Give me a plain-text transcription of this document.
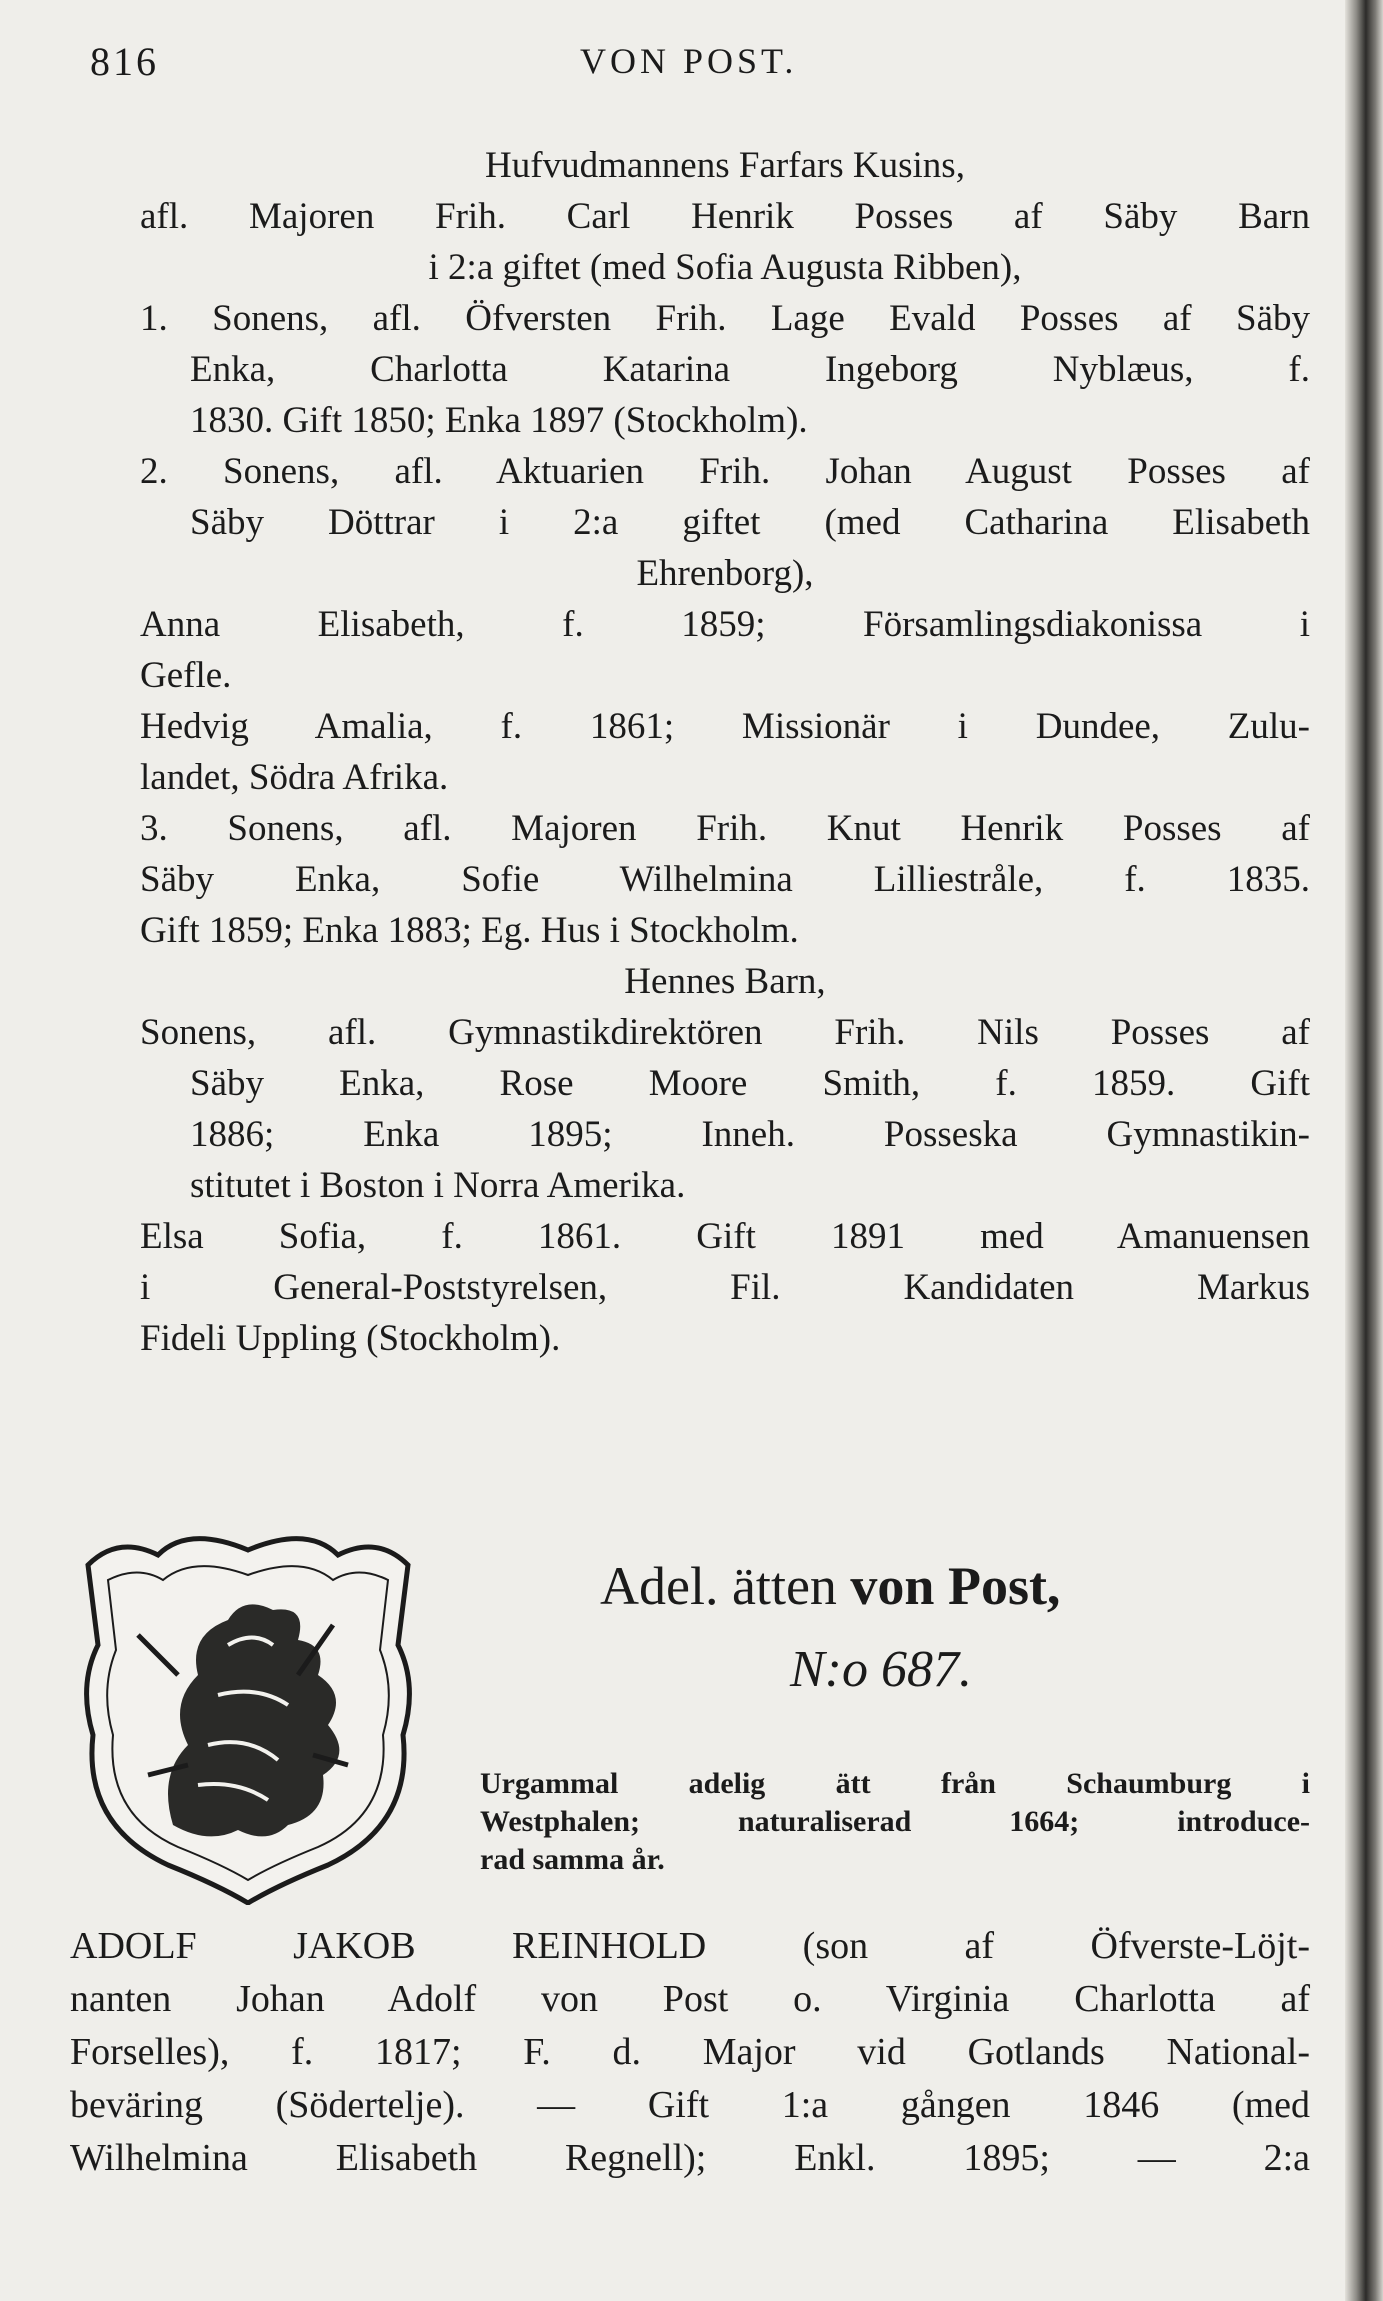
816	VON POST.
Hufvudmannens Farfars Kusins,
afl. Majoren Frih. Carl Henrik Posses af Säby Barn
i 2:a giftet (med Sofia Augusta Ribben),
1. Sonens, afl. Öfversten Frih. Lage Evald Posses af Säby
Enka, Charlotta Katarina Ingeborg Nyblæus, f.
1830. Gift 1850; Enka 1897 (Stockholm).
2. Sonens, afl. Aktuarien Frih. Johan August Posses af
Säby Döttrar i 2:a giftet (med Catharina Elisabeth
Ehrenborg),
Anna Elisabeth, f. 1859; Församlingsdiakonissa i
Gefle.
Hedvig Amalia, f. 1861; Missionär i Dundee, Zulu-
landet, Södra Afrika.
3. Sonens, afl. Majoren Frih. Knut Henrik Posses af
Säby Enka, Sofie Wilhelmina Lilliestråle, f. 1835.
Gift 1859; Enka 1883; Eg. Hus i Stockholm.
Hennes Barn,
Sonens, afl. Gymnastikdirektören Frih. Nils Posses af
Säby Enka, Rose Moore Smith, f. 1859. Gift
1886; Enka 1895; Inneh. Posseska Gymnastikin-
stitutet i Boston i Norra Amerika.
Elsa Sofia, f. 1861. Gift 1891 med Amanuensen
i General-Poststyrelsen, Fil. Kandidaten Markus
Fideli Uppling (Stockholm).
Adel. ätten von Post,
N:o 687.
Urgammal adelig ätt från Schaumburg i
Westphalen; naturaliserad 1664; introduce-
rad samma år.
ADOLF JAKOB REINHOLD (son af Öfverste-Löjt-
nanten Johan Adolf von Post o. Virginia Charlotta af
Forselles), f. 1817; F. d. Major vid Gotlands National-
beväring (Södertelje). — Gift 1:a gången 1846 (med
Wilhelmina Elisabeth Regnell); Enkl. 1895; — 2:a
